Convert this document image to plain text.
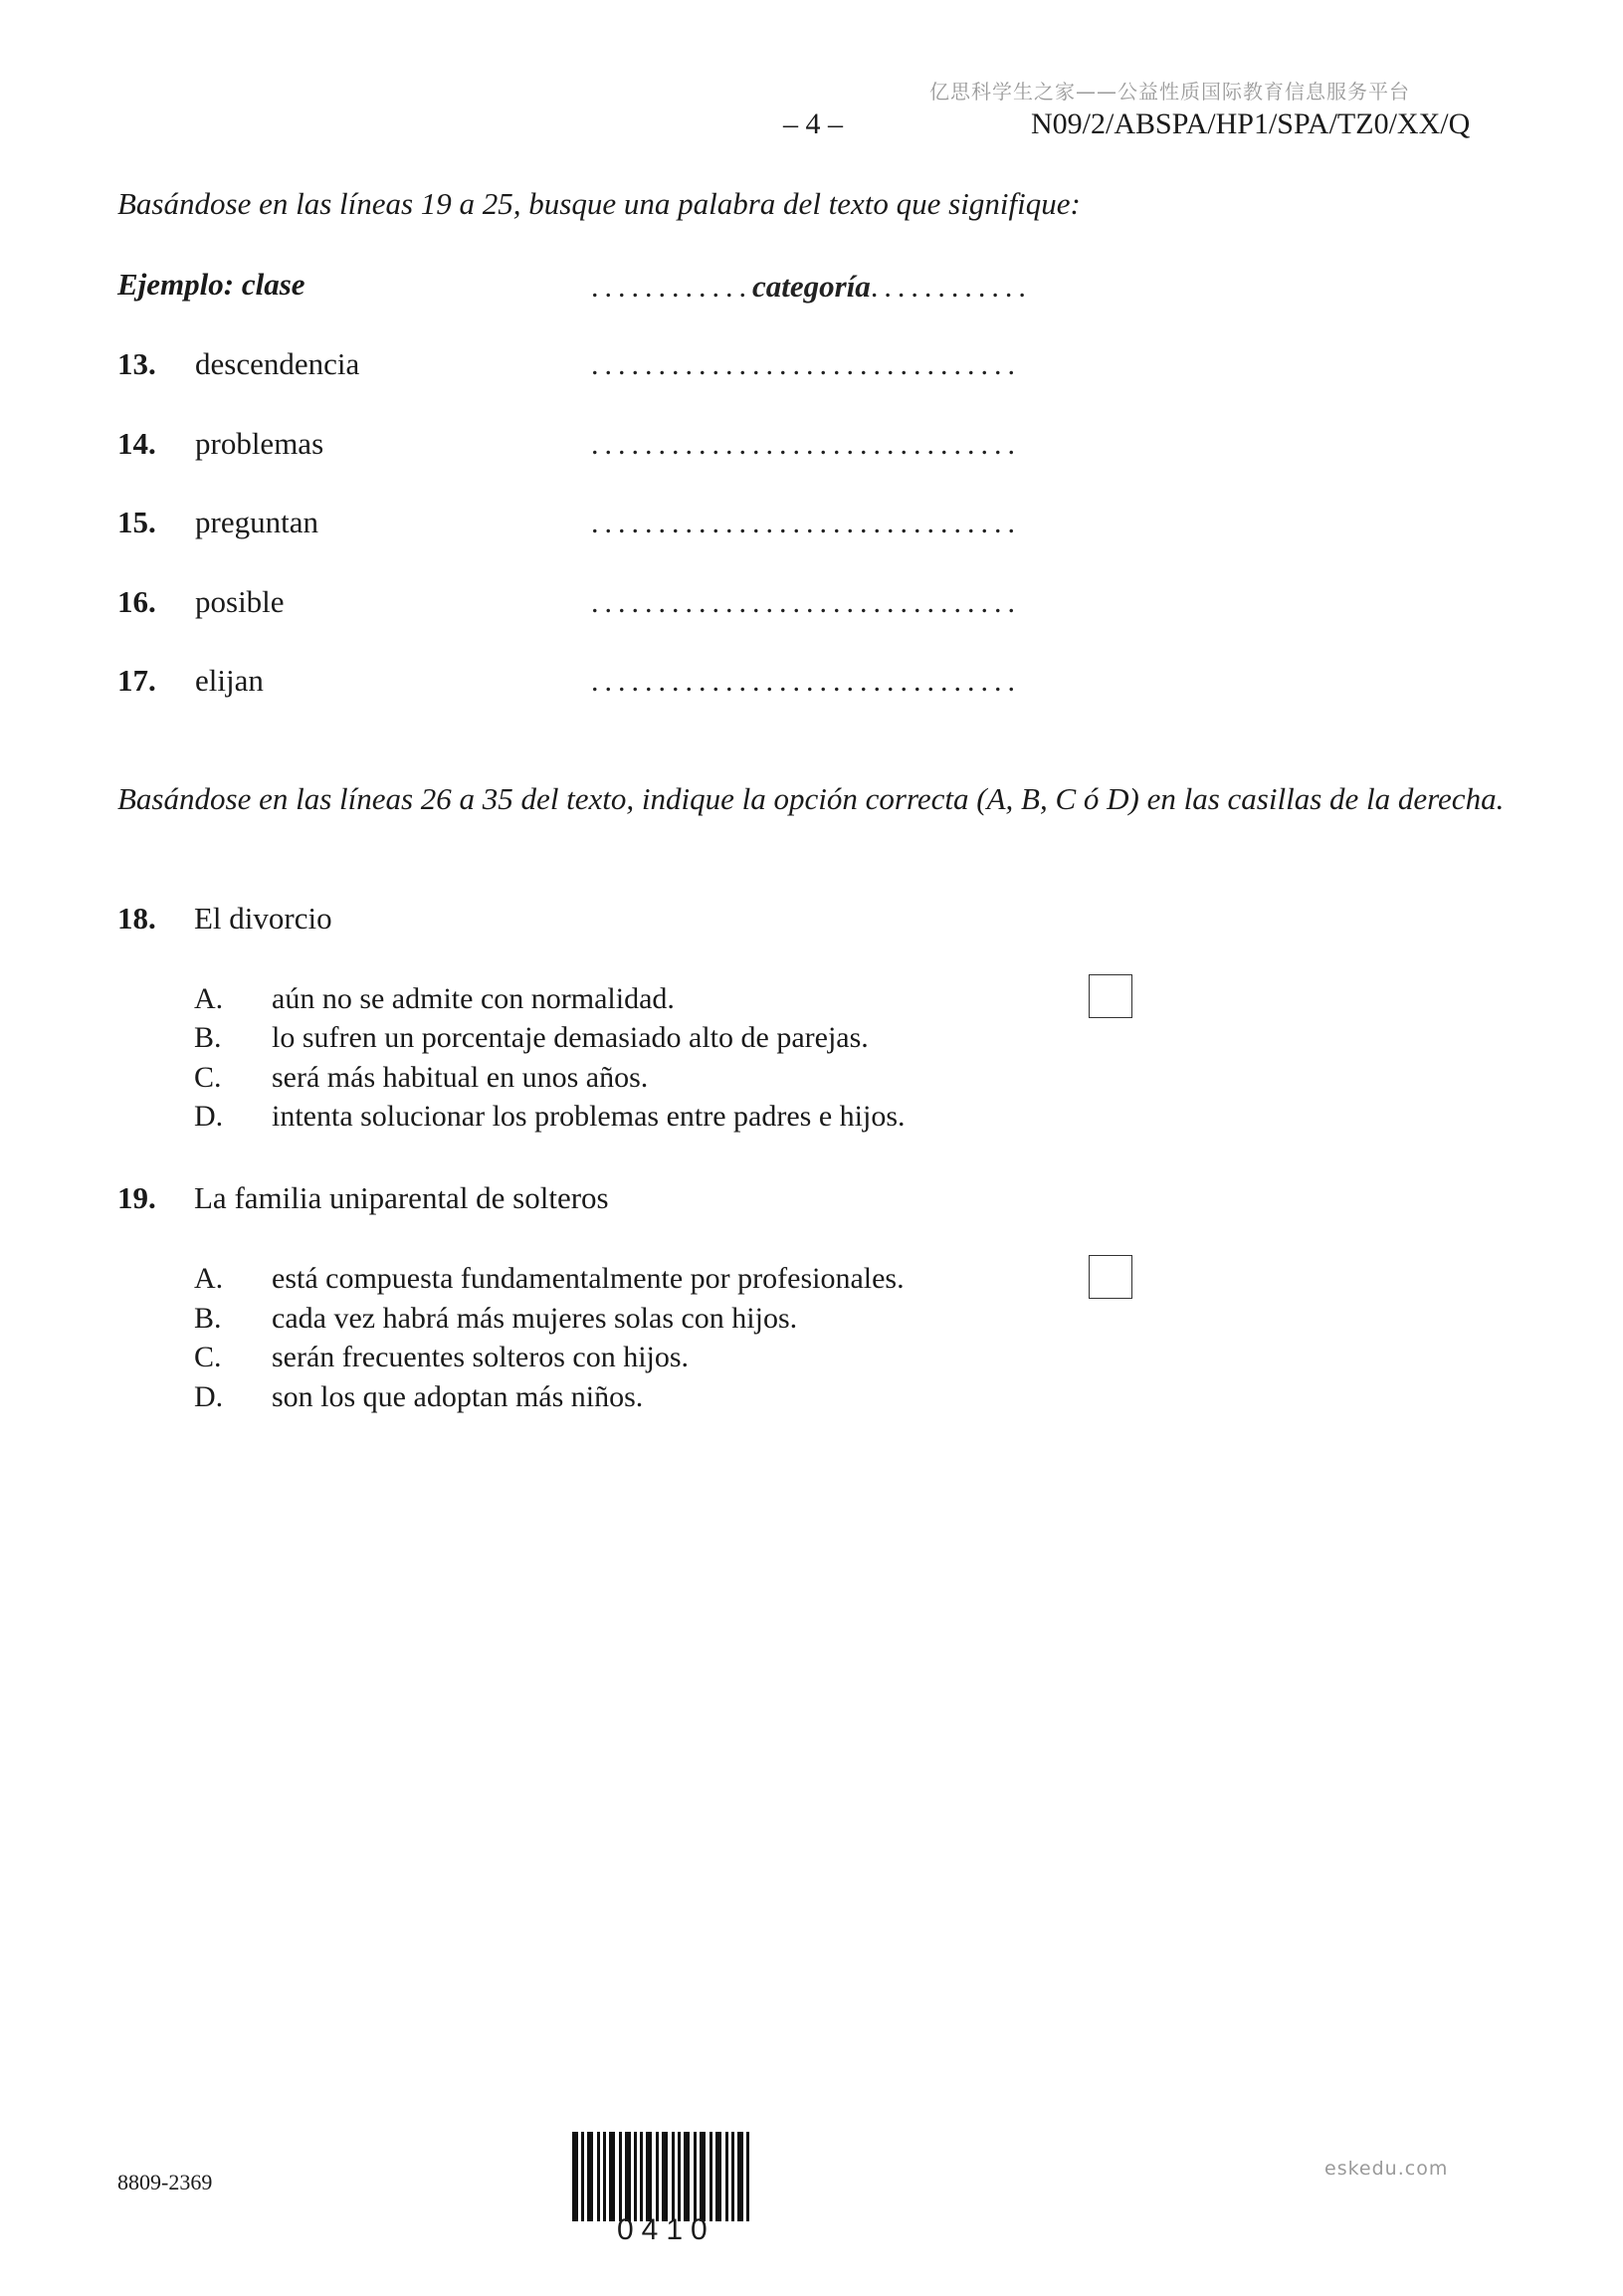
亿思科学生之家——公益性质国际教育信息服务平台
– 4 –	N09/2/ABSPA/HP1/SPA/TZ0/XX/Q
Basándose en las líneas 19 a 25, busque una palabra del texto que signifique:
Ejemplo: clase	............categoría............
13. descendencia	................................
14. problemas	................................
15. preguntan	................................
16. posible	................................
17. elijan	................................
Basándose en las líneas 26 a 35 del texto, indique la opción correcta (A, B, C ó D) en las casillas de la derecha.
18. El divorcio
A. aún no se admite con normalidad.
B. lo sufren un porcentaje demasiado alto de parejas.
C. será más habitual en unos años.
D. intenta solucionar los problemas entre padres e hijos.
19. La familia uniparental de solteros
A. está compuesta fundamentalmente por profesionales.
B. cada vez habrá más mujeres solas con hijos.
C. serán frecuentes solteros con hijos.
D. son los que adoptan más niños.
8809-2369
0410
eskedu.com
